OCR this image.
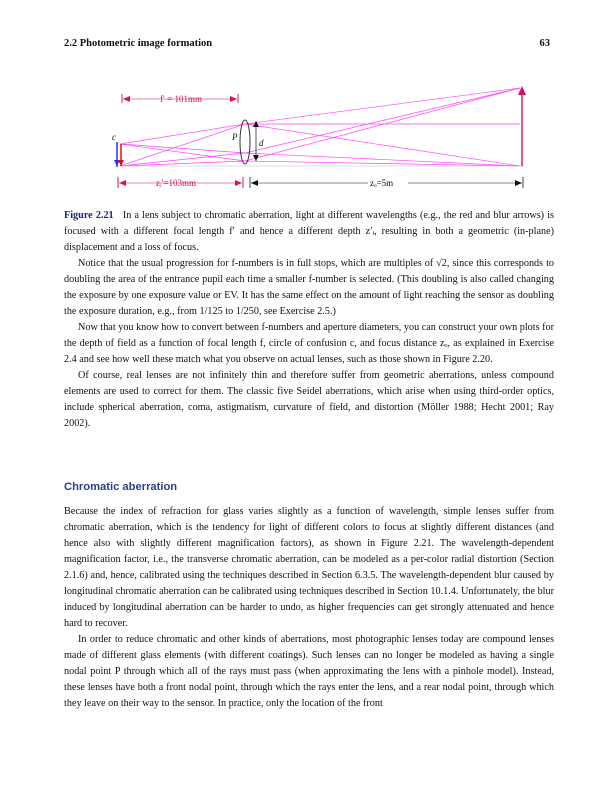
2.2 Photometric image formation	63
f′ = 101mm
P
d
c
zᵢ′=103mm	zₒ=5m
Figure 2.21 In a lens subject to chromatic aberration, light at different wavelengths (e.g., the red and blur arrows) is focused with a different focal length f′ and hence a different depth z′ᵢ, resulting in both a geometric (in-plane) displacement and a loss of focus.

Notice that the usual progression for f-numbers is in full stops, which are multiples of √2, since this corresponds to doubling the area of the entrance pupil each time a smaller f-number is selected. (This doubling is also called changing the exposure by one exposure value or EV. It has the same effect on the amount of light reaching the sensor as doubling the exposure duration, e.g., from 1/125 to 1/250, see Exercise 2.5.)

Now that you know how to convert between f-numbers and aperture diameters, you can construct your own plots for the depth of field as a function of focal length f, circle of confusion c, and focus distance zₒ, as explained in Exercise 2.4 and see how well these match what you observe on actual lenses, such as those shown in Figure 2.20.

Of course, real lenses are not infinitely thin and therefore suffer from geometric aberrations, unless compound elements are used to correct for them. The classic five Seidel aberrations, which arise when using third-order optics, include spherical aberration, coma, astigmatism, curvature of field, and distortion (Möller 1988; Hecht 2001; Ray 2002).

Chromatic aberration

Because the index of refraction for glass varies slightly as a function of wavelength, simple lenses suffer from chromatic aberration, which is the tendency for light of different colors to focus at slightly different distances (and hence also with slightly different magnification factors), as shown in Figure 2.21. The wavelength-dependent magnification factor, i.e., the transverse chromatic aberration, can be modeled as a per-color radial distortion (Section 2.1.6) and, hence, calibrated using the techniques described in Section 6.3.5. The wavelength-dependent blur caused by longitudinal chromatic aberration can be calibrated using techniques described in Section 10.1.4. Unfortunately, the blur induced by longitudinal aberration can be harder to undo, as higher frequencies can get strongly attenuated and hence hard to recover.

In order to reduce chromatic and other kinds of aberrations, most photographic lenses today are compound lenses made of different glass elements (with different coatings). Such lenses can no longer be modeled as having a single nodal point P through which all of the rays must pass (when approximating the lens with a pinhole model). Instead, these lenses have both a front nodal point, through which the rays enter the lens, and a rear nodal point, through which they leave on their way to the sensor. In practice, only the location of the front
